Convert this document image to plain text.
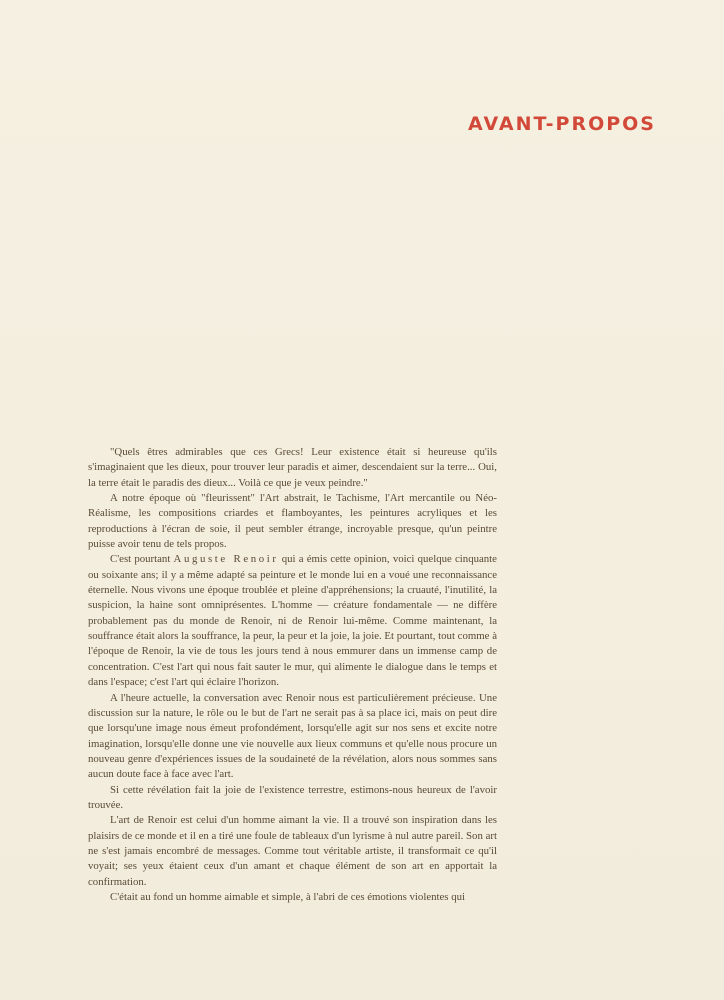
AVANT-PROPOS

"Quels êtres admirables que ces Grecs! Leur existence était si heureuse qu'ils s'imaginaient que les dieux, pour trouver leur paradis et aimer, descendaient sur la terre... Oui, la terre était le paradis des dieux... Voilà ce que je veux peindre."

A notre époque où "fleurissent" l'Art abstrait, le Tachisme, l'Art mercantile ou Néo-Réalisme, les compositions criardes et flamboyantes, les peintures acryliques et les reproductions à l'écran de soie, il peut sembler étrange, incroyable presque, qu'un peintre puisse avoir tenu de tels propos.

C'est pourtant Auguste Renoir qui a émis cette opinion, voici quelque cinquante ou soixante ans; il y a même adapté sa peinture et le monde lui en a voué une reconnaissance éternelle. Nous vivons une époque troublée et pleine d'appréhensions; la cruauté, l'inutilité, la suspicion, la haine sont omniprésentes. L'homme — créature fondamentale — ne diffère probablement pas du monde de Renoir, ni de Renoir lui-même. Comme maintenant, la souffrance était alors la souffrance, la peur, la peur et la joie, la joie. Et pourtant, tout comme à l'époque de Renoir, la vie de tous les jours tend à nous emmurer dans un immense camp de concentration. C'est l'art qui nous fait sauter le mur, qui alimente le dialogue dans le temps et dans l'espace; c'est l'art qui éclaire l'horizon.

A l'heure actuelle, la conversation avec Renoir nous est particulièrement précieuse. Une discussion sur la nature, le rôle ou le but de l'art ne serait pas à sa place ici, mais on peut dire que lorsqu'une image nous émeut profondément, lorsqu'elle agit sur nos sens et excite notre imagination, lorsqu'elle donne une vie nouvelle aux lieux communs et qu'elle nous procure un nouveau genre d'expériences issues de la soudaineté de la révélation, alors nous sommes sans aucun doute face à face avec l'art.

Si cette révélation fait la joie de l'existence terrestre, estimons-nous heureux de l'avoir trouvée.

L'art de Renoir est celui d'un homme aimant la vie. Il a trouvé son inspiration dans les plaisirs de ce monde et il en a tiré une foule de tableaux d'un lyrisme à nul autre pareil. Son art ne s'est jamais encombré de messages. Comme tout véritable artiste, il transformait ce qu'il voyait; ses yeux étaient ceux d'un amant et chaque élément de son art en apportait la confirmation.

C'était au fond un homme aimable et simple, à l'abri de ces émotions violentes qui
